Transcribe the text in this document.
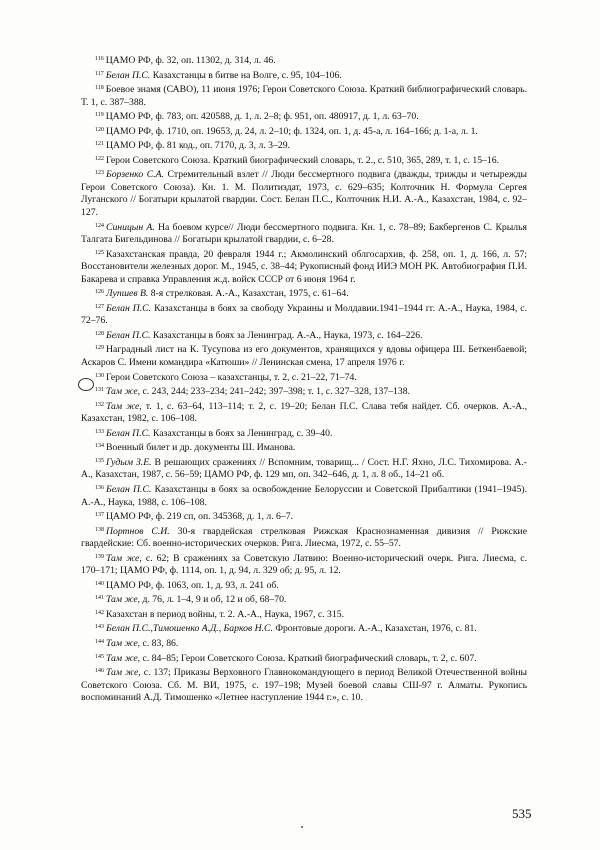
$^{116}$ ЦАМО РФ, ф. 32, оп. 11302, д. 314, л. 46.

$^{117}$ Белан П.С. Казахстанцы в битве на Волге, с. 95, 104–106.

$^{118}$ Боевое знамя (САВО), 11 июня 1976; Герои Советского Союза. Краткий библиографический словарь. Т. 1, с. 387–388.

$^{119}$ ЦАМО РФ, ф. 783, оп. 420588, д. 1, л. 2–8; ф. 951, оп. 480917, д. 1, л. 63–70.

$^{120}$ ЦАМО РФ, ф. 1710, оп. 19653, д. 24, л. 2–10; ф. 1324, оп. 1, д. 45-а, л. 164–166; д. 1-а, л. 1.

$^{121}$ ЦАМО РФ, ф. 81 код., оп. 7170, д. 3, л. 3–29.

$^{122}$ Герои Советского Союза. Краткий биографический словарь, т. 2., с. 510, 365, 289, т. 1, с. 15–16.

$^{123}$ Борзенко С.А. Стремительный взлет // Люди бессмертного подвига (дважды, трижды и четырежды Герои Советского Союза). Кн. 1. М. Политиздат, 1973, с. 629–635; Колточник Н. Формула Сергея Луганского // Богатыри крылатой гвардии. Сост. Белан П.С., Колточник Н.И. А.-А., Казахстан, 1984, с. 92–127.

$^{124}$ Синицын А. На боевом курсе// Люди бессмертного подвига. Кн. 1, с. 78–89; Бакбергенов С. Крылья Талгата Бигельдинова // Богатыри крылатой гвардии, с. 6–28.

$^{125}$ Казахстанская правда, 20 февраля 1944 г.; Акмолинский облгосархив, ф. 258, оп. 1, д. 166, л. 57; Восстановители железных дорог. М., 1945, с. 38–44; Рукописный фонд ИИЭ МОН РК. Автобиография П.И. Бакарева и справка Управления ж.д. войск СССР от 6 июня 1964 г.

$^{126}$ Лупшев В. 8-я стрелковая. А.-А., Казахстан, 1975, с. 61–64.

$^{127}$ Белан П.С. Казахстанцы в боях за свободу Украины и Молдавии.1941–1944 гг. А.-А., Наука, 1984, с. 72–76.

$^{128}$ Белан П.С. Казахстанцы в боях за Ленинград. А.-А., Наука, 1973, с. 164–226.

$^{129}$ Наградный лист на К. Тусупова из его документов, хранящихся у вдовы офицера Ш. Беткенбаевой; Аскаров С. Имени командира «Катюши» // Ленинская смена, 17 апреля 1976 г.

$^{130}$ Герои Советского Союза – казахстанцы, т. 2, с. 21–22, 71–74.

$^{131}$ Там же, с. 243, 244; 233–234; 241–242; 397–398; т. 1, с. 327–328, 137–138.

$^{132}$ Там же, т. 1, с. 63–64, 113–114; т. 2, с. 19–20; Белан П.С. Слава тебя найдет. Сб. очерков. А.-А., Казахстан, 1982, с. 106–108.

$^{133}$ Белан П.С. Казахстанцы в боях за Ленинград, с. 39–40.

$^{134}$ Военный билет и др. документы Ш. Иманова.

$^{135}$ Гудым З.Е. В решающих сражениях // Вспомним, товарищ... / Сост. Н.Г. Яхно, Л.С. Тихомирова. А.-А., Казахстан, 1987, с. 56–59; ЦАМО РФ, ф. 129 мп, оп. 342–646, д. 1, л. 8 об., 14–21 об.

$^{136}$ Белан П.С. Казахстанцы в боях за освобождение Белоруссии и Советской Прибалтики (1941–1945). А.-А., Наука, 1988, с. 106–108.

$^{137}$ ЦАМО РФ, ф. 219 сп, оп. 345368, д. 1, л. 6–7.

$^{138}$ Портнов С.И. 30-я гвардейская стрелковая Рижская Краснознаменная дивизия // Рижские гвардейские: Сб. военно-исторических очерков. Рига. Лиесма, 1972, с. 55–57.

$^{139}$ Там же, с. 62; В сражениях за Советскую Латвию: Военно-исторический очерк. Рига. Лиесма, с. 170–171; ЦАМО РФ, ф. 1114, оп. 1, д. 94, л. 329 об; д. 95, л. 12.

$^{140}$ ЦАМО РФ, ф. 1063, оп. 1, д. 93, л. 241 об.

$^{141}$ Там же, д. 76, л. 1–4, 9 и об, 12 и об, 68–70.

$^{142}$ Казахстан в период войны, т. 2. А.-А., Наука, 1967, с. 315.

$^{143}$ Белан П.С.,Тимошенко А.Д., Барков Н.С. Фронтовые дороги. А.-А., Казахстан, 1976, с. 81.

$^{144}$ Там же, с. 83, 86.

$^{145}$ Там же, с. 84–85; Герои Советского Союза. Краткий биографический словарь, т. 2, с. 607.

$^{146}$ Там же, с. 137; Приказы Верховного Главнокомандующего в период Великой Отечественной войны Советского Союза. Сб. М. ВИ, 1975, с. 197–198; Музей боевой славы СШ-97 г. Алматы. Рукопись воспоминаний А.Д. Тимошенко «Летнее наступление 1944 г.», с. 10.

535
